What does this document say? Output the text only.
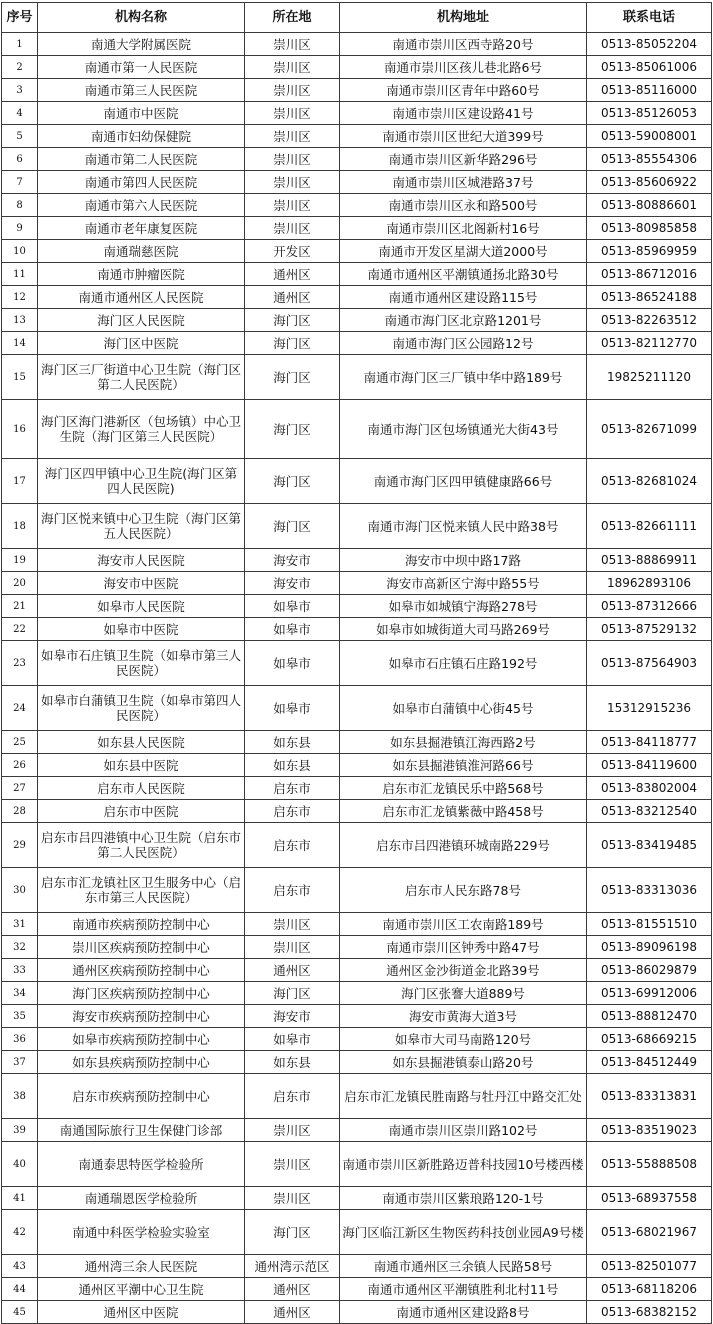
序号	机构名称	所在地	机构地址	联系电话
1	南通大学附属医院	崇川区	南通市崇川区西寺路20号	0513-85052204
2	南通市第一人民医院	崇川区	南通市崇川区孩儿巷北路6号	0513-85061006
3	南通市第三人民医院	崇川区	南通市崇川区青年中路60号	0513-85116000
4	南通市中医院	崇川区	南通市崇川区建设路41号	0513-85126053
5	南通市妇幼保健院	崇川区	南通市崇川区世纪大道399号	0513-59008001
6	南通市第二人民医院	崇川区	南通市崇川区新华路296号	0513-85554306
7	南通市第四人民医院	崇川区	南通市崇川区城港路37号	0513-85606922
8	南通市第六人民医院	崇川区	南通市崇川区永和路500号	0513-80886601
9	南通市老年康复医院	崇川区	南通市崇川区北阁新村16号	0513-80985858
10	南通瑞慈医院	开发区	南通市开发区星湖大道2000号	0513-85969959
11	南通市肿瘤医院	通州区	南通市通州区平潮镇通扬北路30号	0513-86712016
12	南通市通州区人民医院	通州区	南通市通州区建设路115号	0513-86524188
13	海门区人民医院	海门区	南通市海门区北京路1201号	0513-82263512
14	海门区中医院	海门区	南通市海门区公园路12号	0513-82112770
15	海门区三厂街道中心卫生院（海门区第二人民医院）	海门区	南通市海门区三厂镇中华中路189号	19825211120
16	海门区海门港新区（包场镇）中心卫生院（海门区第三人民医院）	海门区	南通市海门区包场镇通光大街43号	0513-82671099
17	海门区四甲镇中心卫生院(海门区第四人民医院)	海门区	南通市海门区四甲镇健康路66号	0513-82681024
18	海门区悦来镇中心卫生院（海门区第五人民医院）	海门区	南通市海门区悦来镇人民中路38号	0513-82661111
19	海安市人民医院	海安市	海安市中坝中路17路	0513-88869911
20	海安市中医院	海安市	海安市高新区宁海中路55号	18962893106
21	如皋市人民医院	如皋市	如皋市如城镇宁海路278号	0513-87312666
22	如皋市中医院	如皋市	如皋市如城街道大司马路269号	0513-87529132
23	如皋市石庄镇卫生院（如皋市第三人民医院）	如皋市	如皋市石庄镇石庄路192号	0513-87564903
24	如皋市白蒲镇卫生院（如皋市第四人民医院）	如皋市	如皋市白蒲镇中心街45号	15312915236
25	如东县人民医院	如东县	如东县掘港镇江海西路2号	0513-84118777
26	如东县中医院	如东县	如东县掘港镇淮河路66号	0513-84119600
27	启东市人民医院	启东市	启东市汇龙镇民乐中路568号	0513-83802004
28	启东市中医院	启东市	启东市汇龙镇紫薇中路458号	0513-83212540
29	启东市吕四港镇中心卫生院（启东市第二人民医院）	启东市	启东市吕四港镇环城南路229号	0513-83419485
30	启东市汇龙镇社区卫生服务中心（启东市第三人民医院）	启东市	启东市人民东路78号	0513-83313036
31	南通市疾病预防控制中心	崇川区	南通市崇川区工农南路189号	0513-81551510
32	崇川区疾病预防控制中心	崇川区	南通市崇川区钟秀中路47号	0513-89096198
33	通州区疾病预防控制中心	通州区	通州区金沙街道金北路39号	0513-86029879
34	海门区疾病预防控制中心	海门区	海门区张謇大道889号	0513-69912006
35	海安市疾病预防控制中心	海安市	海安市黄海大道3号	0513-88812470
36	如皋市疾病预防控制中心	如皋市	如皋市大司马南路120号	0513-68669215
37	如东县疾病预防控制中心	如东县	如东县掘港镇泰山路20号	0513-84512449
38	启东市疾病预防控制中心	启东市	启东市汇龙镇民胜南路与牡丹江中路交汇处	0513-83313831
39	南通国际旅行卫生保健门诊部	崇川区	南通市崇川区崇川路102号	0513-83519023
40	南通泰思特医学检验所	崇川区	南通市崇川区新胜路迈普科技园10号楼西楼	0513-55888508
41	南通瑞恩医学检验所	崇川区	南通市崇川区紫琅路120-1号	0513-68937558
42	南通中科医学检验实验室	海门区	海门区临江新区生物医药科技创业园A9号楼	0513-68021967
43	通州湾三余人民医院	通州湾示范区	南通市通州区三余镇人民路58号	0513-82501077
44	通州区平潮中心卫生院	通州区	南通市通州区平潮镇胜利北村11号	0513-68118206
45	通州区中医院	通州区	南通市通州区建设路8号	0513-68382152
